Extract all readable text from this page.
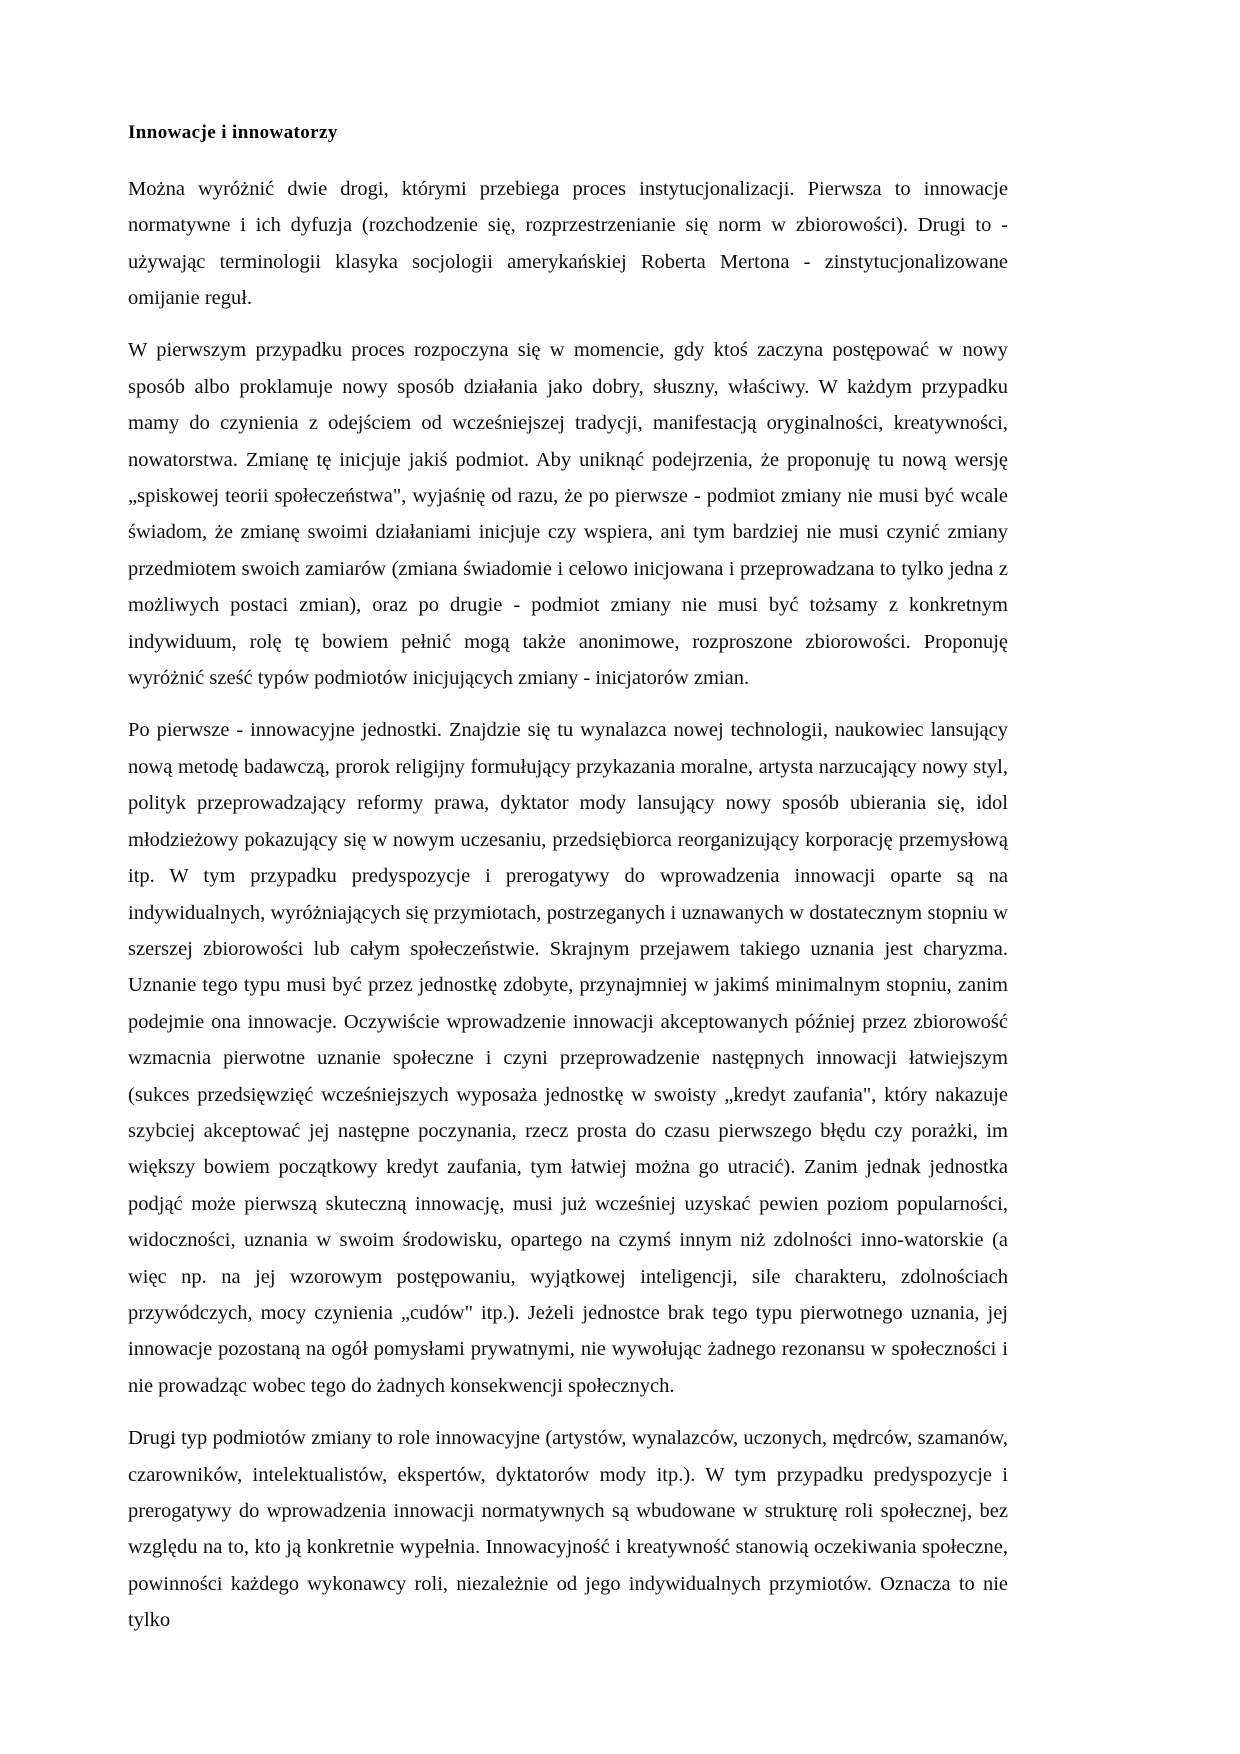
Innowacje i innowatorzy

Można wyróżnić dwie drogi, którymi przebiega proces instytucjonalizacji. Pierwsza to innowacje normatywne i ich dyfuzja (rozchodzenie się, rozprzestrzenianie się norm w zbiorowości). Drugi to - używając terminologii klasyka socjologii amerykańskiej Roberta Mertona - zinstytucjonalizowane omijanie reguł.

W pierwszym przypadku proces rozpoczyna się w momencie, gdy ktoś zaczyna postępować w nowy sposób albo proklamuje nowy sposób działania jako dobry, słuszny, właściwy. W każdym przypadku mamy do czynienia z odejściem od wcześniejszej tradycji, manifestacją oryginalności, kreatywności, nowatorstwa. Zmianę tę inicjuje jakiś podmiot. Aby uniknąć podejrzenia, że proponuję tu nową wersję „spiskowej teorii społeczeństwa", wyjaśnię od razu, że po pierwsze - podmiot zmiany nie musi być wcale świadom, że zmianę swoimi działaniami inicjuje czy wspiera, ani tym bardziej nie musi czynić zmiany przedmiotem swoich zamiarów (zmiana świadomie i celowo inicjowana i przeprowadzana to tylko jedna z możliwych postaci zmian), oraz po drugie - podmiot zmiany nie musi być tożsamy z konkretnym indywiduum, rolę tę bowiem pełnić mogą także anonimowe, rozproszone zbiorowości. Proponuję wyróżnić sześć typów podmiotów inicjujących zmiany - inicjatorów zmian.

Po pierwsze - innowacyjne jednostki. Znajdzie się tu wynalazca nowej technologii, naukowiec lansujący nową metodę badawczą, prorok religijny formułujący przykazania moralne, artysta narzucający nowy styl, polityk przeprowadzający reformy prawa, dyktator mody lansujący nowy sposób ubierania się, idol młodzieżowy pokazujący się w nowym uczesaniu, przedsiębiorca reorganizujący korporację przemysłową itp. W tym przypadku predyspozycje i prerogatywy do wprowadzenia innowacji oparte są na indywidualnych, wyróżniających się przymiotach, postrzeganych i uznawanych w dostatecznym stopniu w szerszej zbiorowości lub całym społeczeństwie. Skrajnym przejawem takiego uznania jest charyzma. Uznanie tego typu musi być przez jednostkę zdobyte, przynajmniej w jakimś minimalnym stopniu, zanim podejmie ona innowacje. Oczywiście wprowadzenie innowacji akceptowanych później przez zbiorowość wzmacnia pierwotne uznanie społeczne i czyni przeprowadzenie następnych innowacji łatwiejszym (sukces przedsięwzięć wcześniejszych wyposaża jednostkę w swoisty „kredyt zaufania", który nakazuje szybciej akceptować jej następne poczynania, rzecz prosta do czasu pierwszego błędu czy porażki, im większy bowiem początkowy kredyt zaufania, tym łatwiej można go utracić). Zanim jednak jednostka podjąć może pierwszą skuteczną innowację, musi już wcześniej uzyskać pewien poziom popularności, widoczności, uznania w swoim środowisku, opartego na czymś innym niż zdolności inno-watorskie (a więc np. na jej wzorowym postępowaniu, wyjątkowej inteligencji, sile charakteru, zdolnościach przywódczych, mocy czynienia „cudów" itp.). Jeżeli jednostce brak tego typu pierwotnego uznania, jej innowacje pozostaną na ogół pomysłami prywatnymi, nie wywołując żadnego rezonansu w społeczności i nie prowadząc wobec tego do żadnych konsekwencji społecznych.

Drugi typ podmiotów zmiany to role innowacyjne (artystów, wynalazców, uczonych, mędrców, szamanów, czarowników, intelektualistów, ekspertów, dyktatorów mody itp.). W tym przypadku predyspozycje i prerogatywy do wprowadzenia innowacji normatywnych są wbudowane w strukturę roli społecznej, bez względu na to, kto ją konkretnie wypełnia. Innowacyjność i kreatywność stanowią oczekiwania społeczne, powinności każdego wykonawcy roli, niezależnie od jego indywidualnych przymiotów. Oznacza to nie tylko
